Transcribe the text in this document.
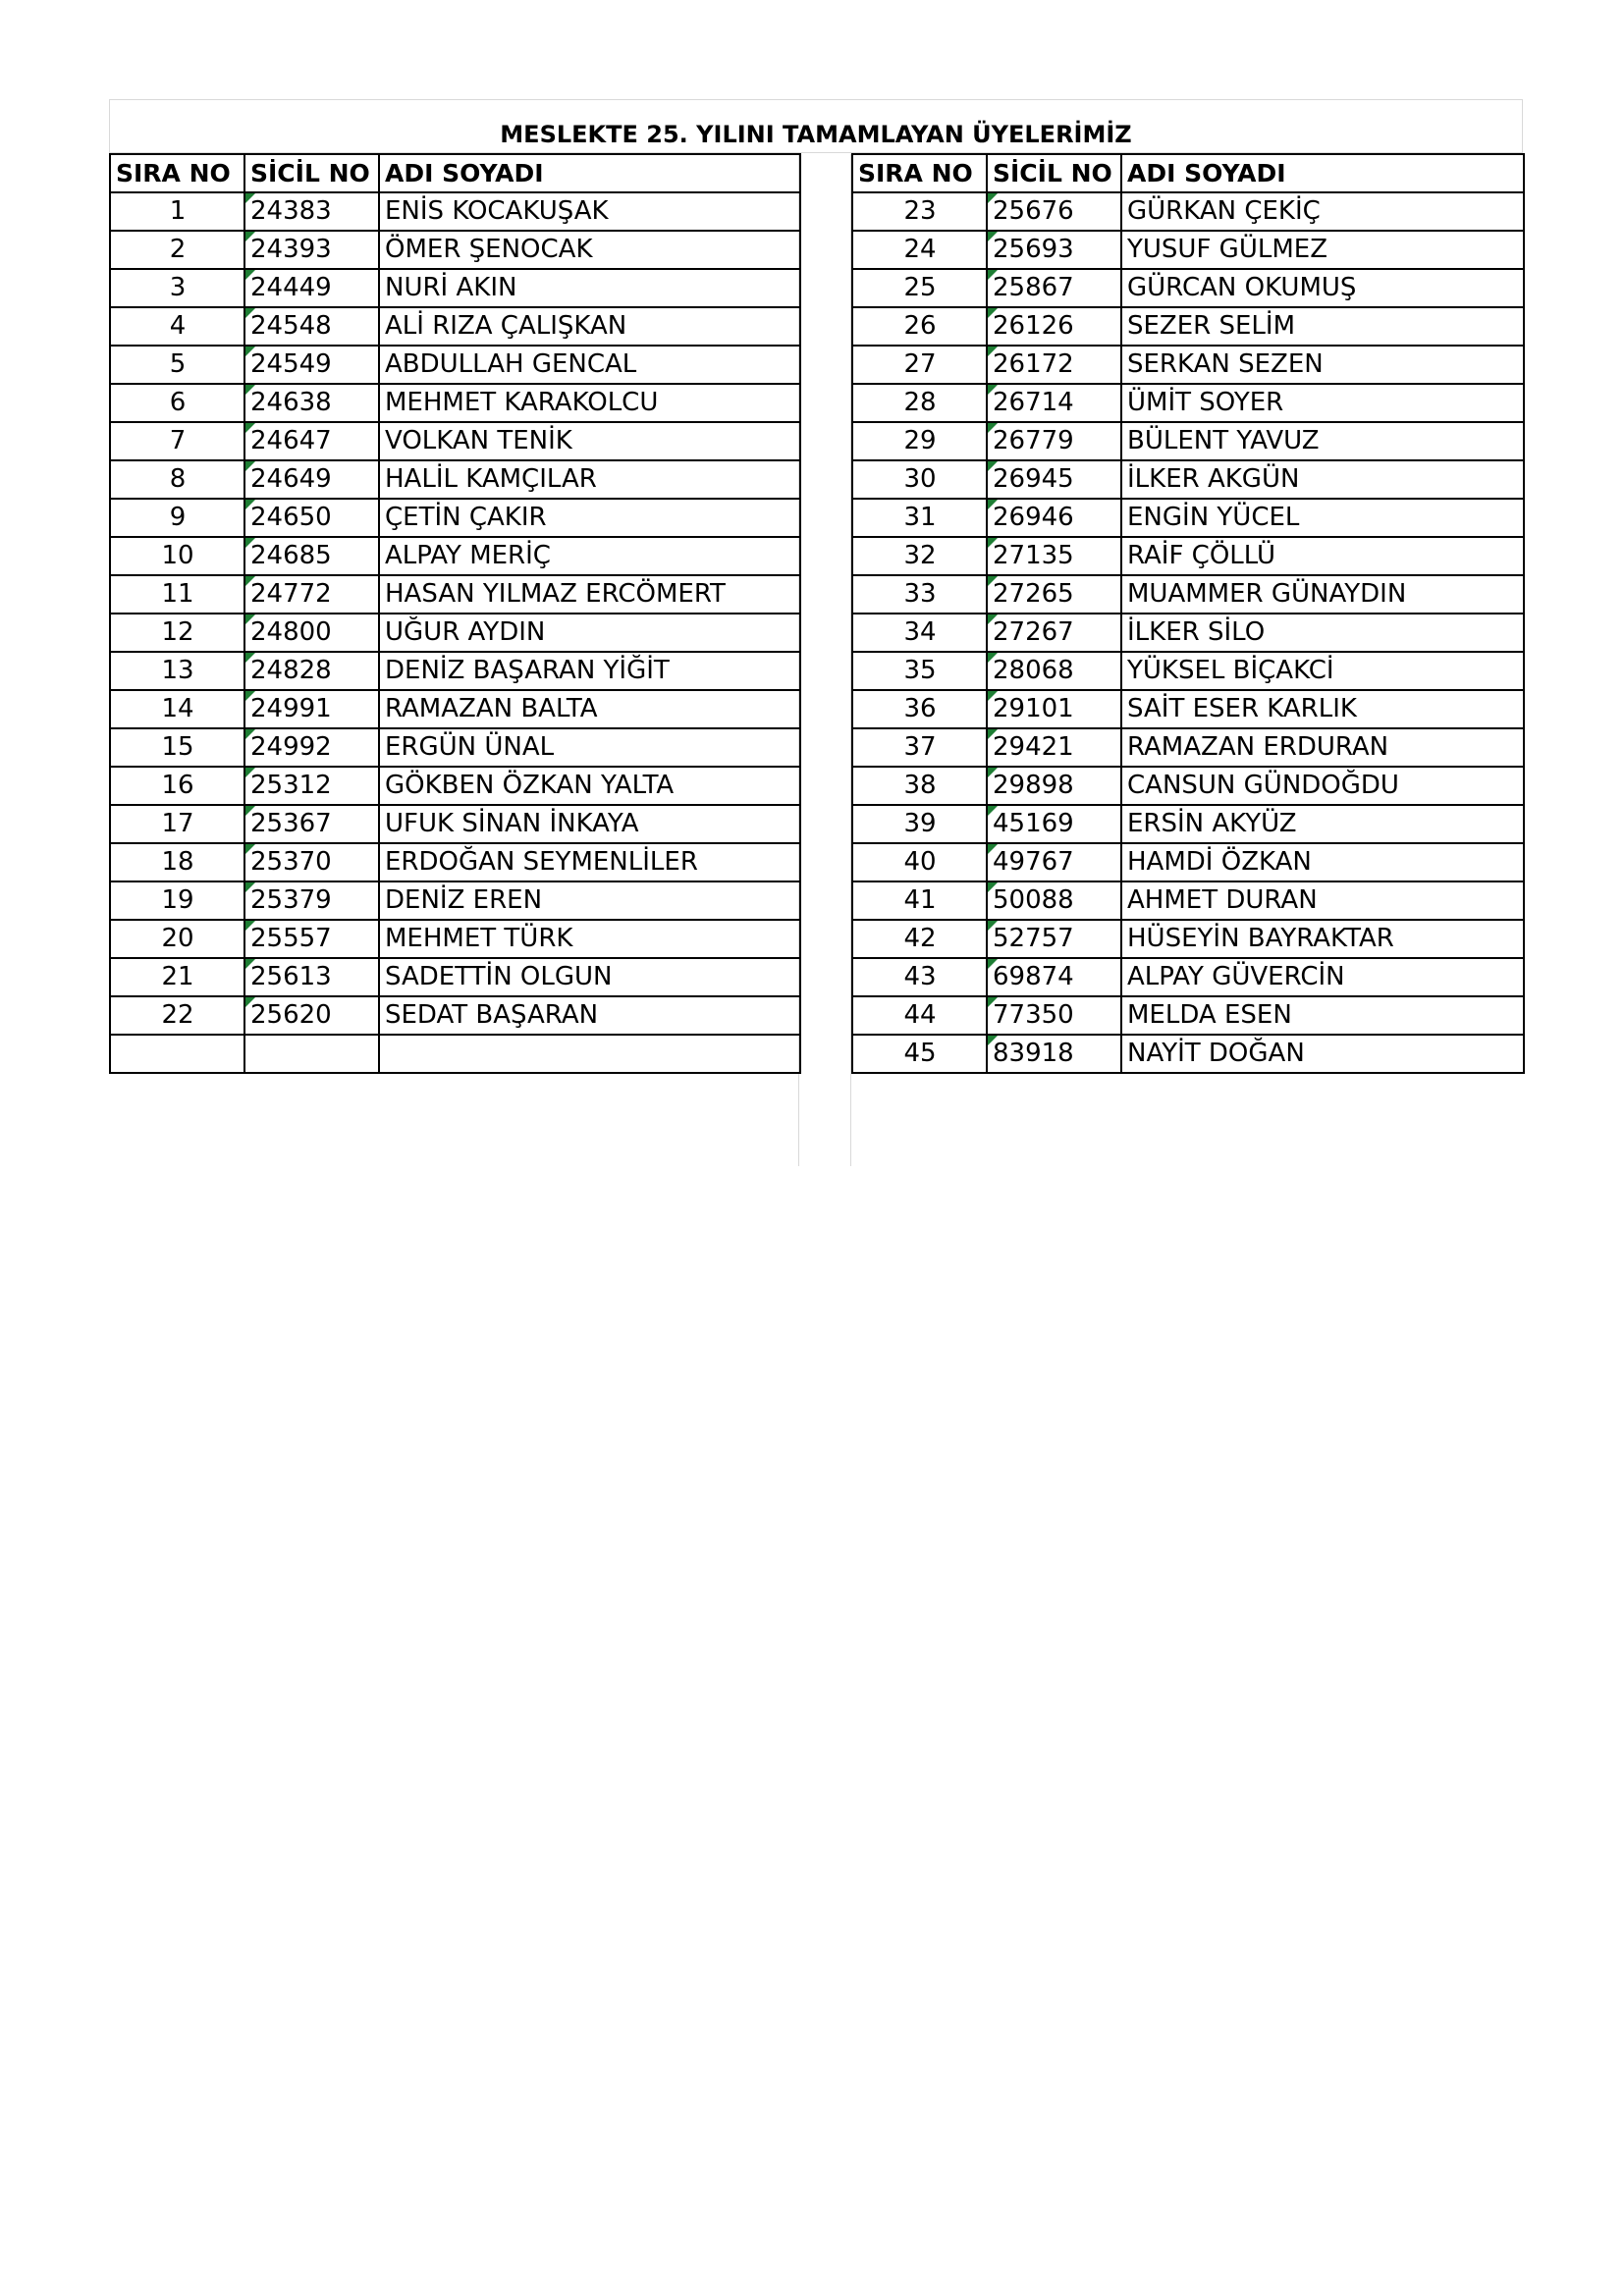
MESLEKTE 25. YILINI TAMAMLAYAN ÜYELERİMİZ
SIRA NO	SİCİL NO	ADI SOYADI
1	24383	ENİS KOCAKUŞAK
2	24393	ÖMER ŞENOCAK
3	24449	NURİ AKIN
4	24548	ALİ RIZA ÇALIŞKAN
5	24549	ABDULLAH GENCAL
6	24638	MEHMET KARAKOLCU
7	24647	VOLKAN TENİK
8	24649	HALİL KAMÇILAR
9	24650	ÇETİN ÇAKIR
10	24685	ALPAY MERİÇ
11	24772	HASAN YILMAZ ERCÖMERT
12	24800	UĞUR AYDIN
13	24828	DENİZ BAŞARAN YİĞİT
14	24991	RAMAZAN BALTA
15	24992	ERGÜN ÜNAL
16	25312	GÖKBEN ÖZKAN YALTA
17	25367	UFUK SİNAN İNKAYA
18	25370	ERDOĞAN SEYMENLİLER
19	25379	DENİZ EREN
20	25557	MEHMET TÜRK
21	25613	SADETTİN OLGUN
22	25620	SEDAT BAŞARAN

SIRA NO	SİCİL NO	ADI SOYADI
23	25676	GÜRKAN ÇEKİÇ
24	25693	YUSUF GÜLMEZ
25	25867	GÜRCAN OKUMUŞ
26	26126	SEZER SELİM
27	26172	SERKAN SEZEN
28	26714	ÜMİT SOYER
29	26779	BÜLENT YAVUZ
30	26945	İLKER AKGÜN
31	26946	ENGİN YÜCEL
32	27135	RAİF ÇÖLLÜ
33	27265	MUAMMER GÜNAYDIN
34	27267	İLKER SİLO
35	28068	YÜKSEL BİÇAKCİ
36	29101	SAİT ESER KARLIK
37	29421	RAMAZAN ERDURAN
38	29898	CANSUN GÜNDOĞDU
39	45169	ERSİN AKYÜZ
40	49767	HAMDİ ÖZKAN
41	50088	AHMET DURAN
42	52757	HÜSEYİN BAYRAKTAR
43	69874	ALPAY GÜVERCİN
44	77350	MELDA ESEN
45	83918	NAYİT DOĞAN
